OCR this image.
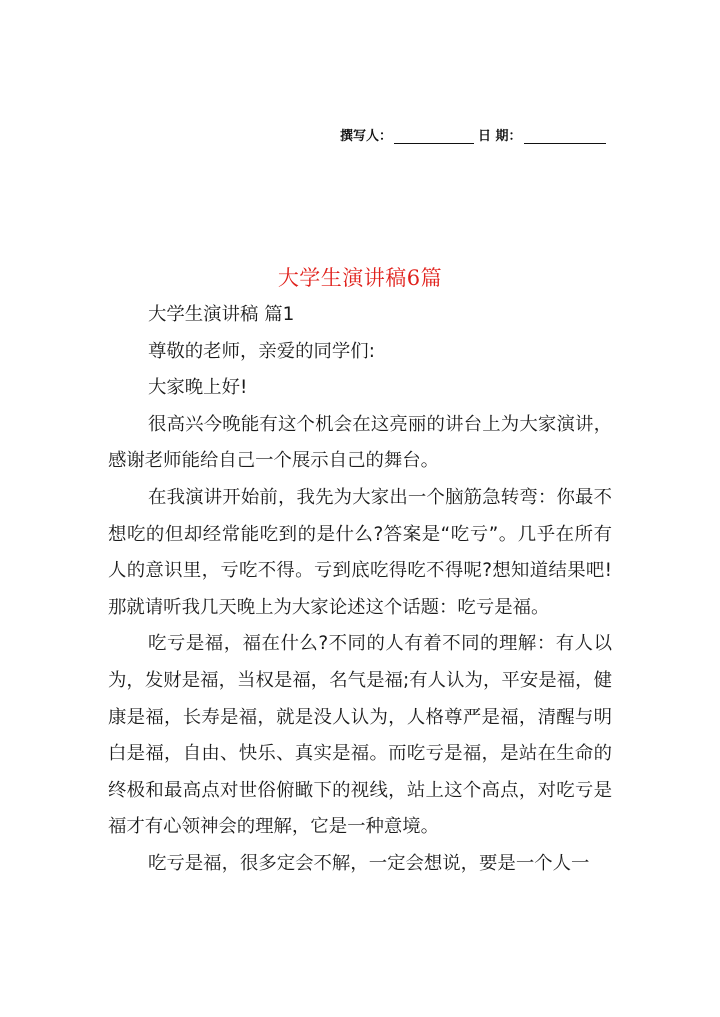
撰写人：	日 期：
大学生演讲稿6篇

大学生演讲稿 篇1

尊敬的老师，亲爱的同学们:

大家晚上好!

很高兴今晚能有这个机会在这亮丽的讲台上为大家演讲，感谢老师能给自己一个展示自己的舞台。

在我演讲开始前，我先为大家出一个脑筋急转弯：你最不想吃的但却经常能吃到的是什么?答案是“吃亏”。几乎在所有人的意识里，亏吃不得。亏到底吃得吃不得呢?想知道结果吧!那就请听我几天晚上为大家论述这个话题：吃亏是福。

吃亏是福，福在什么?不同的人有着不同的理解：有人以为，发财是福，当权是福，名气是福;有人认为，平安是福，健康是福，长寿是福，就是没人认为，人格尊严是福，清醒与明白是福，自由、快乐、真实是福。而吃亏是福，是站在生命的终极和最高点对世俗俯瞰下的视线，站上这个高点，对吃亏是福才有心领神会的理解，它是一种意境。

吃亏是福，很多定会不解，一定会想说，要是一个人一
